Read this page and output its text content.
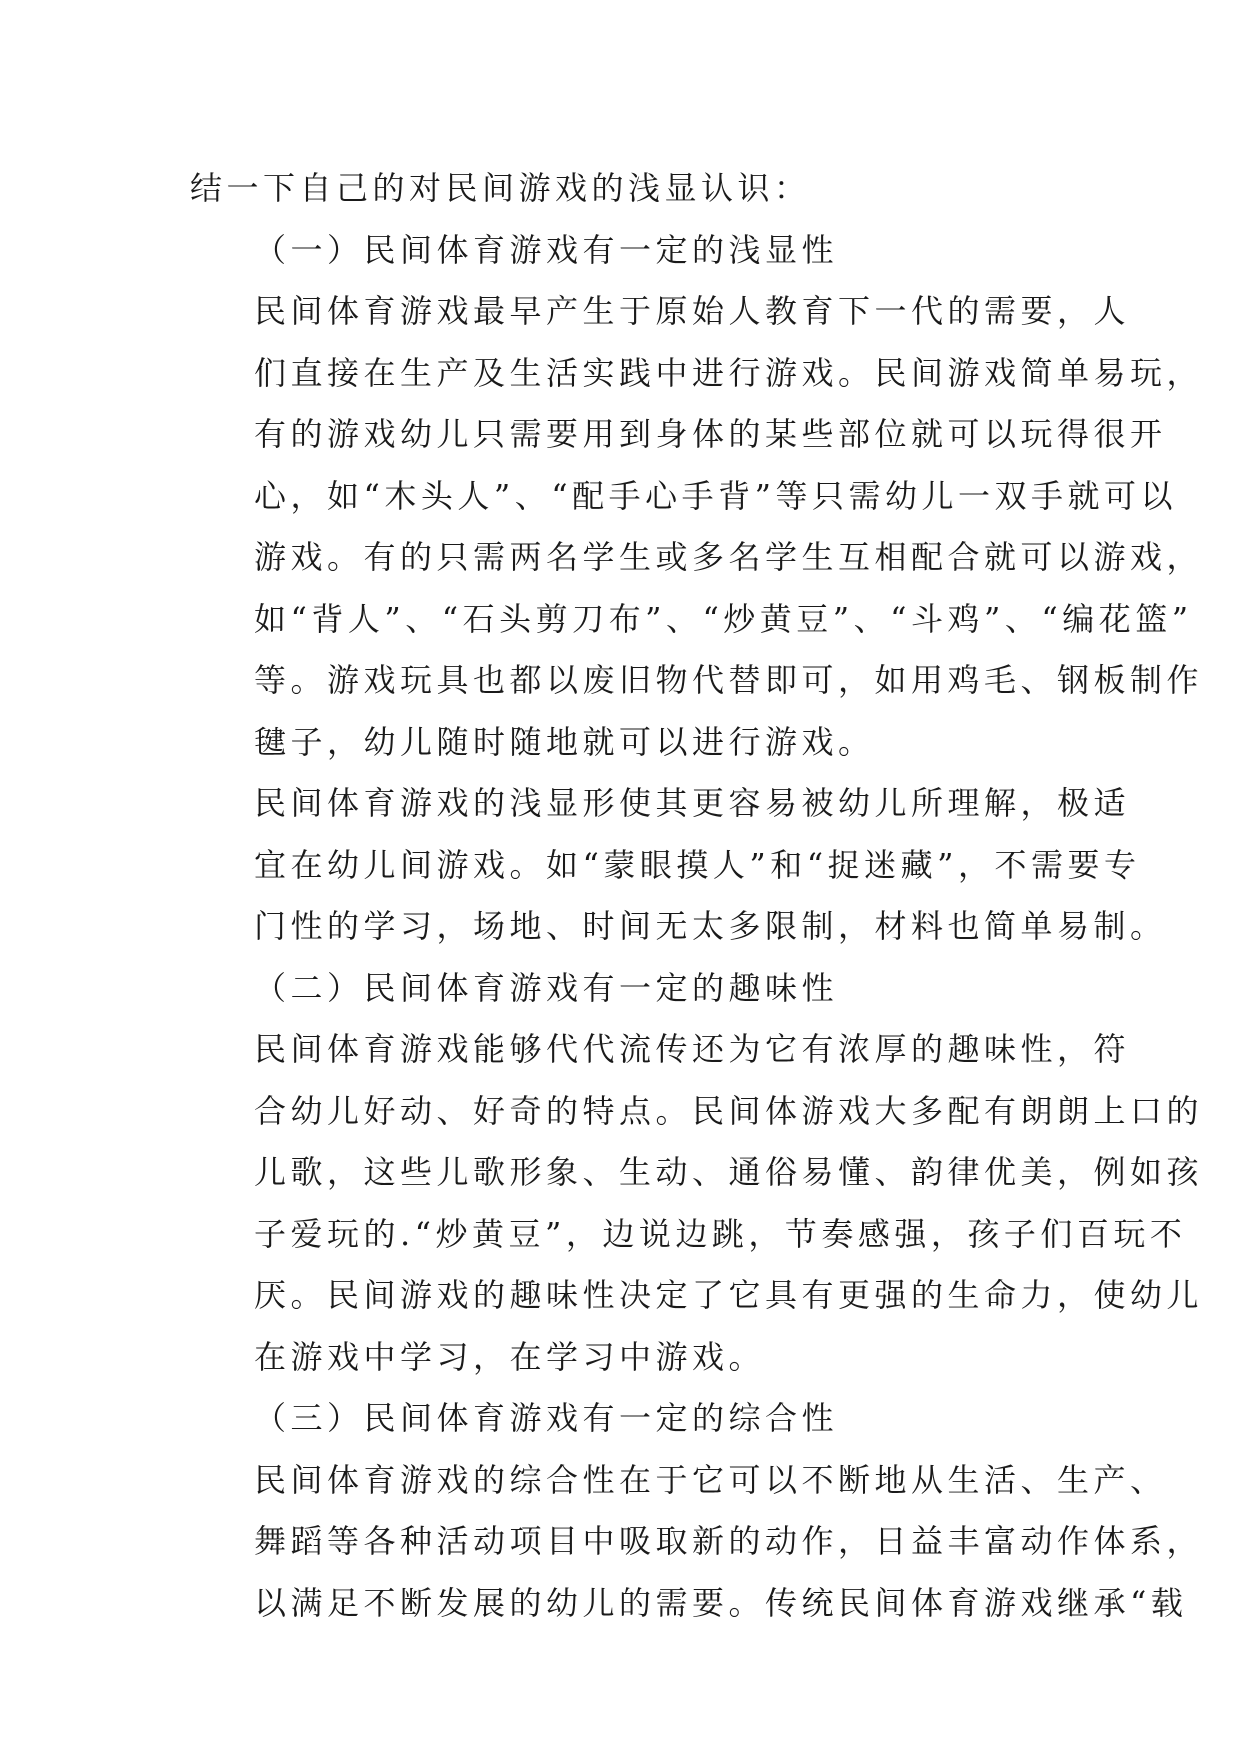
结一下自己的对民间游戏的浅显认识：

（一）民间体育游戏有一定的浅显性

民间体育游戏最早产生于原始人教育下一代的需要，人
们直接在生产及生活实践中进行游戏。民间游戏简单易玩，
有的游戏幼儿只需要用到身体的某些部位就可以玩得很开
心，如“木头人”、“配手心手背”等只需幼儿一双手就可以
游戏。有的只需两名学生或多名学生互相配合就可以游戏，
如“背人”、“石头剪刀布”、“炒黄豆”、“斗鸡”、“编花篮”
等。游戏玩具也都以废旧物代替即可，如用鸡毛、钢板制作
毽子，幼儿随时随地就可以进行游戏。

民间体育游戏的浅显形使其更容易被幼儿所理解，极适
宜在幼儿间游戏。如“蒙眼摸人”和“捉迷藏”，不需要专
门性的学习，场地、时间无太多限制，材料也简单易制。

（二）民间体育游戏有一定的趣味性

民间体育游戏能够代代流传还为它有浓厚的趣味性，符
合幼儿好动、好奇的特点。民间体游戏大多配有朗朗上口的
儿歌，这些儿歌形象、生动、通俗易懂、韵律优美，例如孩
子爱玩的.“炒黄豆”，边说边跳，节奏感强，孩子们百玩不
厌。民间游戏的趣味性决定了它具有更强的生命力，使幼儿
在游戏中学习，在学习中游戏。

（三）民间体育游戏有一定的综合性

民间体育游戏的综合性在于它可以不断地从生活、生产、
舞蹈等各种活动项目中吸取新的动作，日益丰富动作体系，
以满足不断发展的幼儿的需要。传统民间体育游戏继承“载
